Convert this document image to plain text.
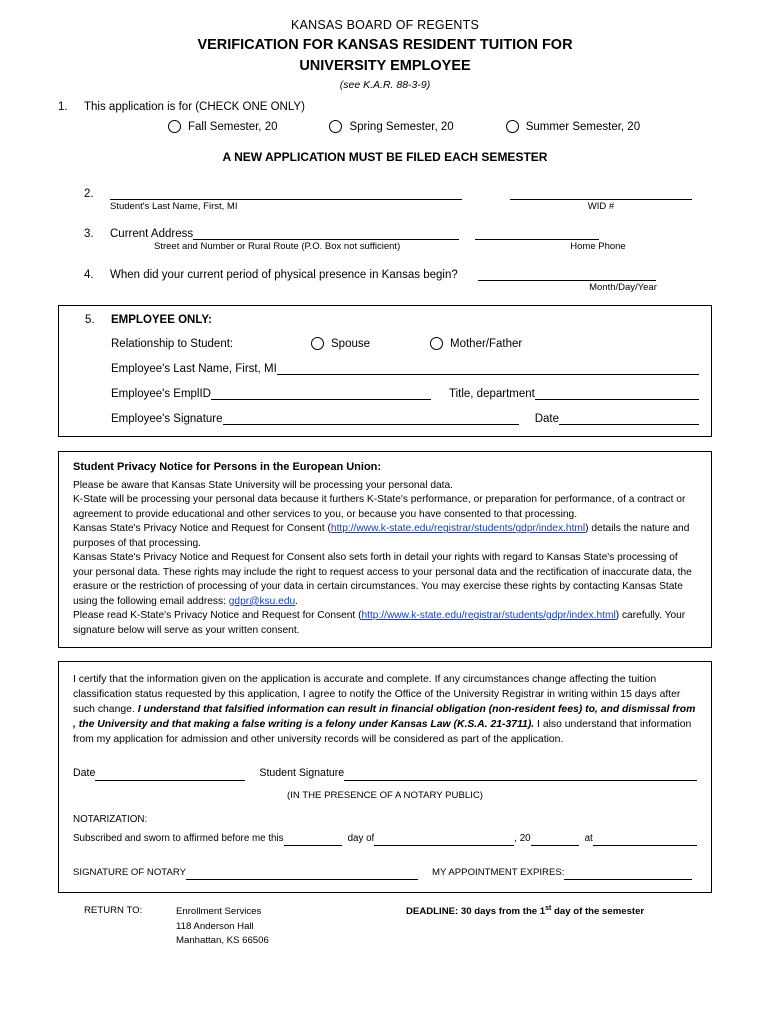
KANSAS BOARD OF REGENTS
VERIFICATION FOR KANSAS RESIDENT TUITION FOR
UNIVERSITY EMPLOYEE
(see K.A.R. 88-3-9)
1.	This application is for (CHECK ONE ONLY)
Fall Semester, 20	Spring Semester, 20	Summer Semester, 20
A NEW APPLICATION MUST BE FILED EACH SEMESTER
2.
Student's Last Name, First, MI	WID #
3.	Current Address
Street and Number or Rural Route (P.O. Box not sufficient)	Home Phone
4.	When did your current period of physical presence in Kansas begin?
Month/Day/Year
5.	EMPLOYEE ONLY:
Relationship to Student:	Spouse	Mother/Father
Employee's Last Name, First, MI
Employee's EmplID	Title, department
Employee's Signature	Date
Student Privacy Notice for Persons in the European Union:

Please be aware that Kansas State University will be processing your personal data.

K-State will be processing your personal data because it furthers K-State's performance, or preparation for performance, of a contract or agreement to provide educational and other services to you, or because you have consented to that processing.

Kansas State's Privacy Notice and Request for Consent (http://www.k-state.edu/registrar/students/gdpr/index.html) details the nature and purposes of that processing.

Kansas State's Privacy Notice and Request for Consent also sets forth in detail your rights with regard to Kansas State's processing of your personal data. These rights may include the right to request access to your personal data and the rectification of inaccurate data, the erasure or the restriction of processing of your data in certain circumstances. You may exercise these rights by contacting Kansas State using the following email address: gdpr@ksu.edu.

Please read K-State's Privacy Notice and Request for Consent (http://www.k-state.edu/registrar/students/gdpr/index.html) carefully. Your signature below will serve as your written consent.

I certify that the information given on the application is accurate and complete. If any circumstances change affecting the tuition classification status requested by this application, I agree to notify the Office of the University Registrar in writing within 15 days after such change. I understand that falsified information can result in financial obligation (non-resident fees) to, and dismissal from , the University and that making a false writing is a felony under Kansas Law (K.S.A. 21-3711). I also understand that information from my application for admission and other university records will be considered as part of the application.

Date	Student Signature
(IN THE PRESENCE OF A NOTARY PUBLIC)
NOTARIZATION:
Subscribed and sworn to affirmed before me this	day of	, 20	at
SIGNATURE OF NOTARY	MY APPOINTMENT EXPIRES:
RETURN TO:	Enrollment Services
118 Anderson Hall
Manhattan, KS 66506
DEADLINE: 30 days from the 1st day of the semester
